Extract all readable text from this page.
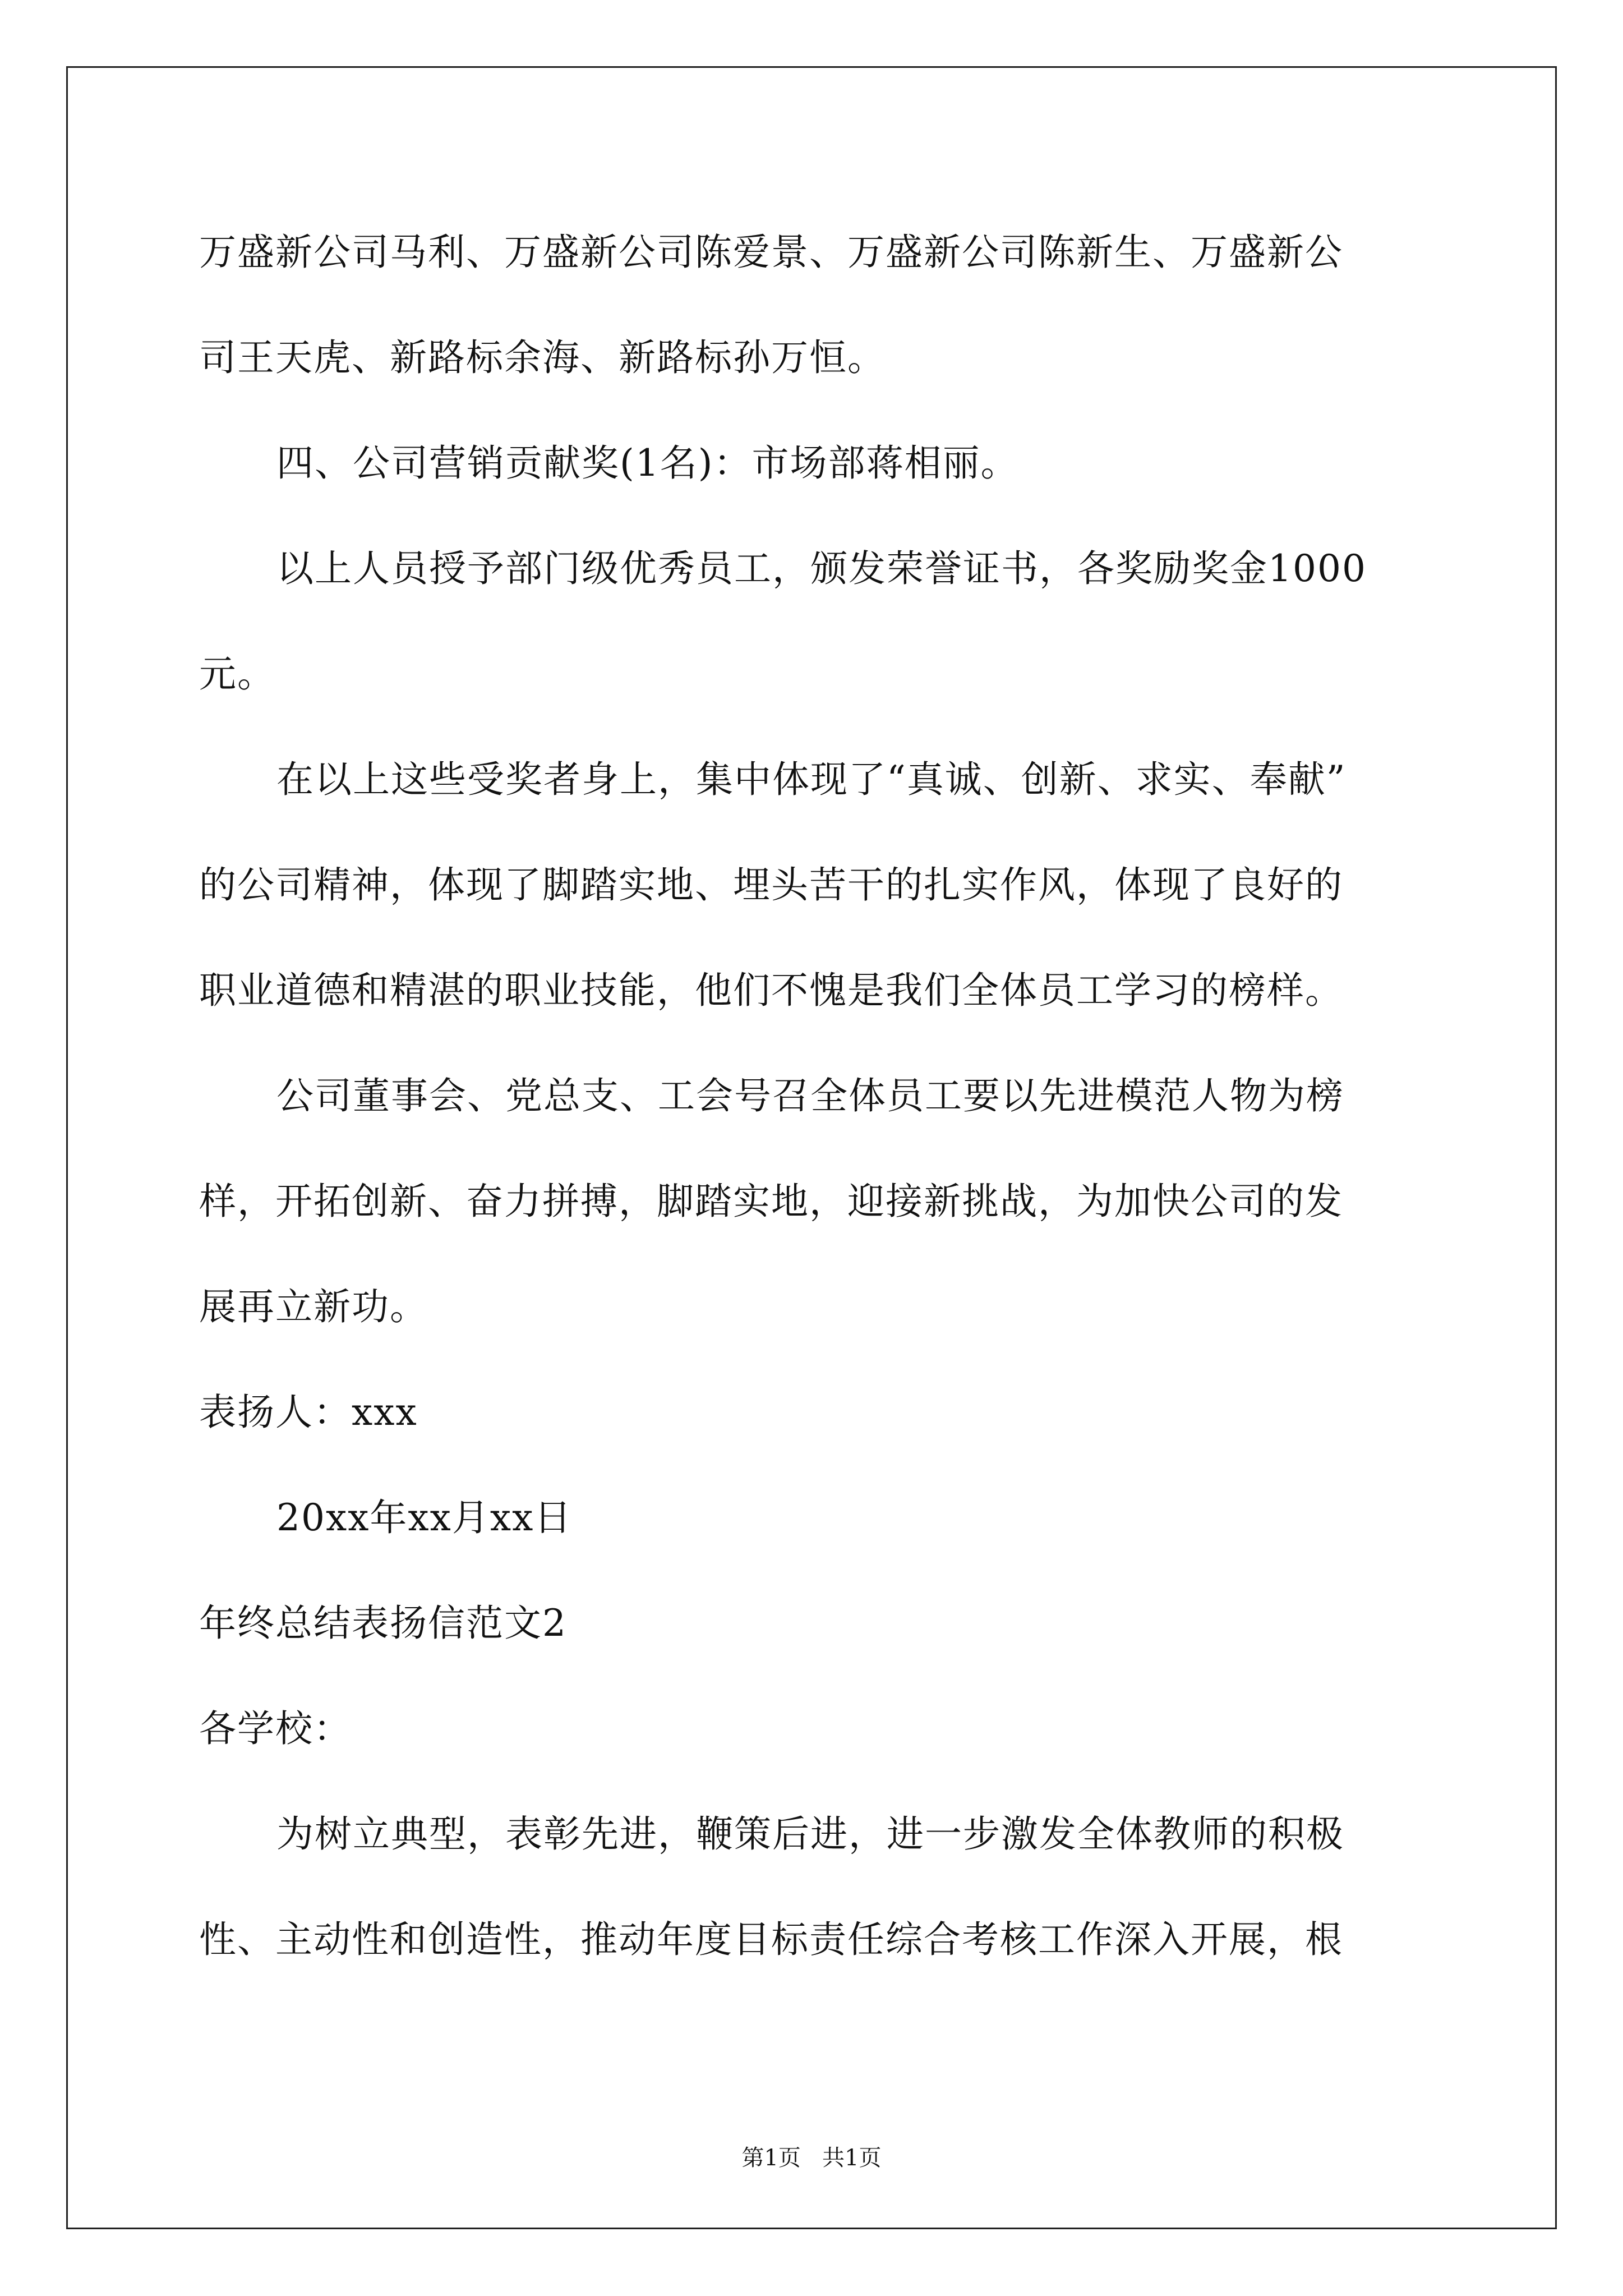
万盛新公司马利、万盛新公司陈爱景、万盛新公司陈新生、万盛新公
司王天虎、新路标余海、新路标孙万恒。
四、公司营销贡献奖(1名)：市场部蒋相丽。
以上人员授予部门级优秀员工，颁发荣誉证书，各奖励奖金1000
元。
在以上这些受奖者身上，集中体现了“真诚、创新、求实、奉献”
的公司精神，体现了脚踏实地、埋头苦干的扎实作风，体现了良好的
职业道德和精湛的职业技能，他们不愧是我们全体员工学习的榜样。
公司董事会、党总支、工会号召全体员工要以先进模范人物为榜
样，开拓创新、奋力拼搏，脚踏实地，迎接新挑战，为加快公司的发
展再立新功。
表扬人：xxx
20xx年xx月xx日
年终总结表扬信范文2
各学校：
为树立典型，表彰先进，鞭策后进，进一步激发全体教师的积极
性、主动性和创造性，推动年度目标责任综合考核工作深入开展，根
第1页   共1页
